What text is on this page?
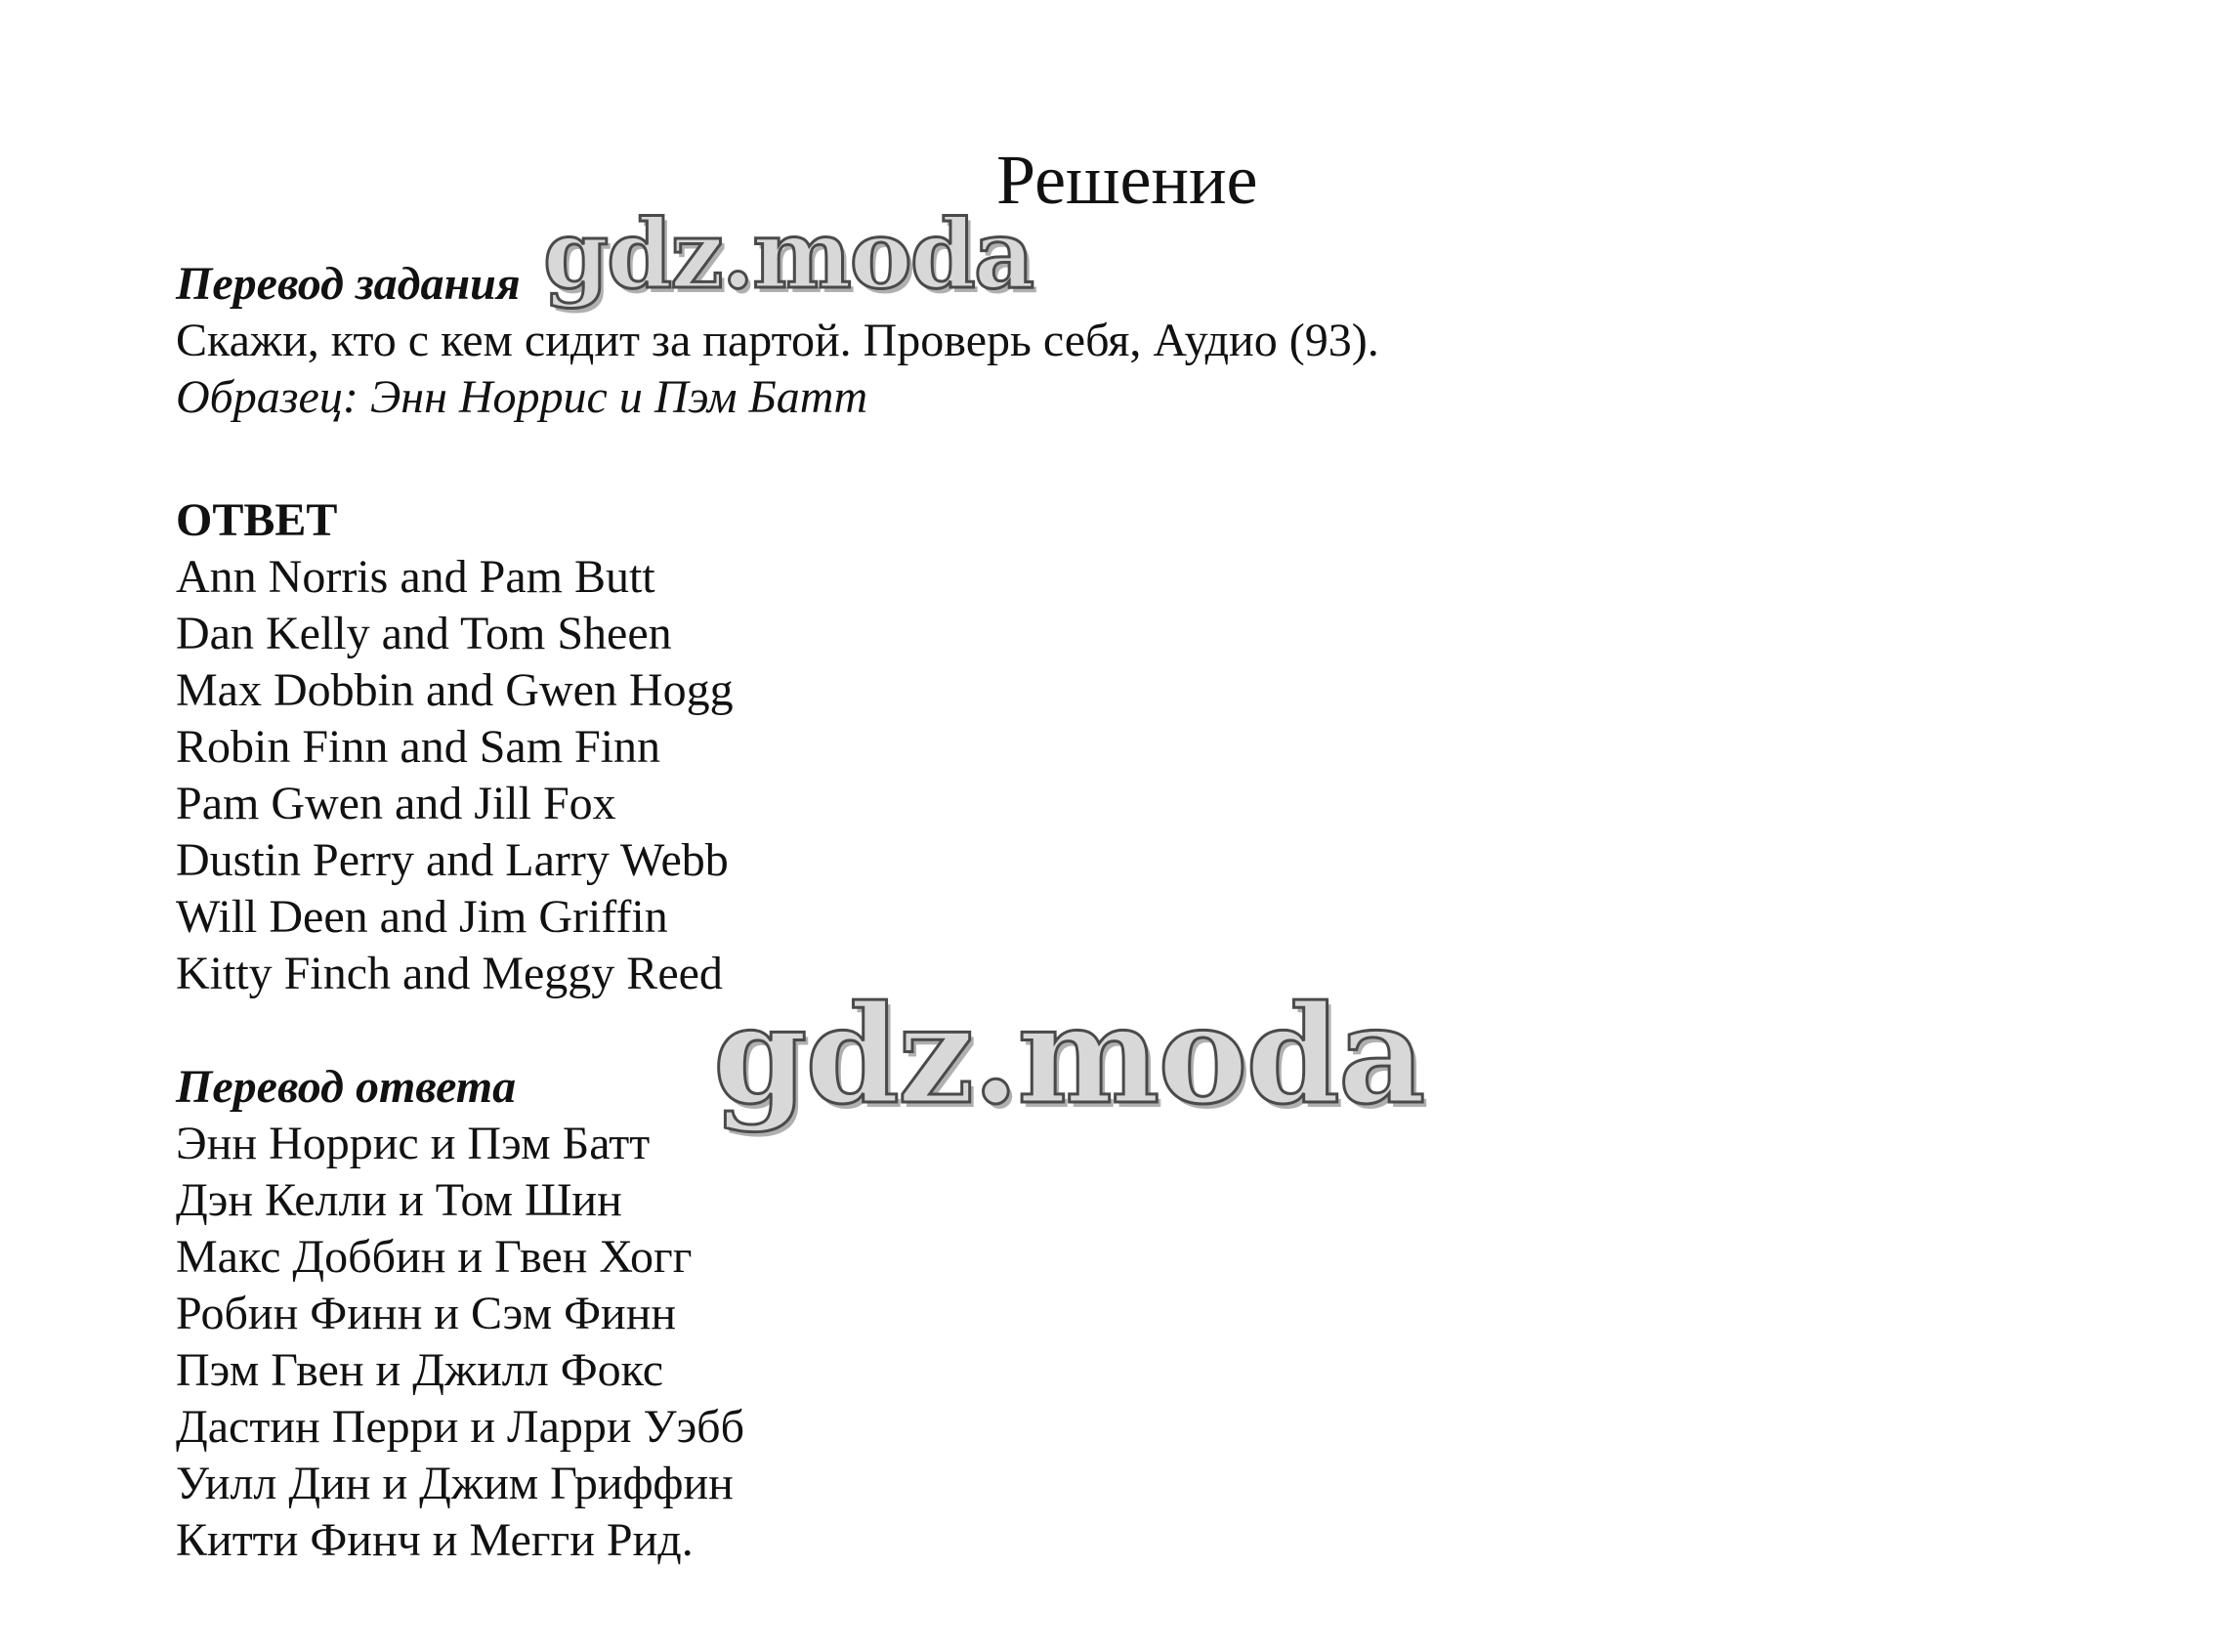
Решение
Перевод задания
Скажи, кто с кем сидит за партой. Проверь себя, Аудио (93).
Образец: Энн Норрис и Пэм Батт
ОТВЕТ
Ann Norris and Pam Butt
Dan Kelly and Tom Sheen
Max Dobbin and Gwen Hogg
Robin Finn and Sam Finn
Pam Gwen and Jill Fox
Dustin Perry and Larry Webb
Will Deen and Jim Griffin
Kitty Finch and Meggy Reed
Перевод ответа
Энн Норрис и Пэм Батт
Дэн Келли и Том Шин
Макс Доббин и Гвен Хогг
Робин Финн и Сэм Финн
Пэм Гвен и Джилл Фокс
Дастин Перри и Ларри Уэбб
Уилл Дин и Джим Гриффин
Китти Финч и Мегги Рид.
gdz.moda
gdz.moda
